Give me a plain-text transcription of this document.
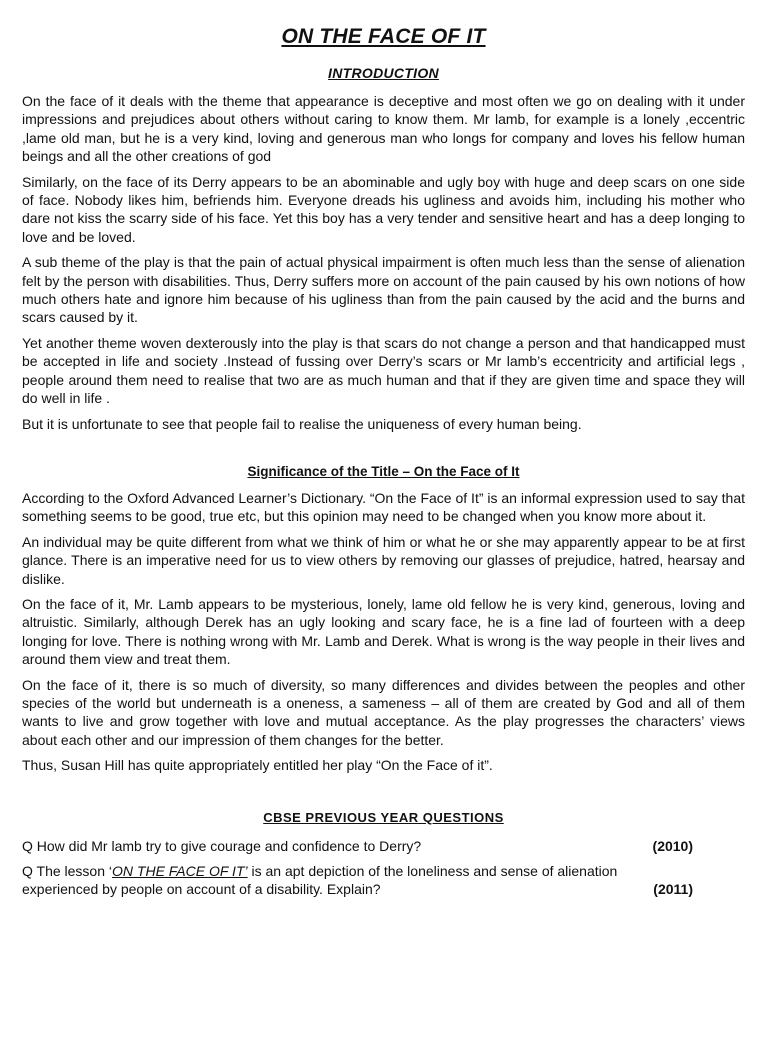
ON THE FACE OF IT
INTRODUCTION

On the face of it deals with the theme that appearance is deceptive and most often we go on dealing with it under impressions and prejudices about others without caring to know them. Mr lamb, for example is a lonely ,eccentric ,lame old man, but he is a very kind, loving and generous man who longs for company and loves his fellow human beings and all the other creations of god

Similarly, on the face of its Derry appears to be an abominable and ugly boy with huge and deep scars on one side of face. Nobody likes him, befriends him. Everyone dreads his ugliness and avoids him, including his mother who dare not kiss the scarry side of his face. Yet this boy has a very tender and sensitive heart and has a deep longing to love and be loved.

A sub theme of the play is that the pain of actual physical impairment is often much less than the sense of alienation felt by the person with disabilities. Thus, Derry suffers more on account of the pain caused by his own notions of how much others hate and ignore him because of his ugliness than from the pain caused by the acid and the burns and scars caused by it.

Yet another theme woven dexterously into the play is that scars do not change a person and that handicapped must be accepted in life and society .Instead of fussing over Derry’s scars or Mr lamb’s eccentricity and artificial legs , people around them need to realise that two are as much human and that if they are given time and space they will do well in life .

But it is unfortunate to see that people fail to realise the uniqueness of every human being.

Significance of the Title – On the Face of It

According to the Oxford Advanced Learner’s Dictionary. “On the Face of It” is an informal expression used to say that something seems to be good, true etc, but this opinion may need to be changed when you know more about it.

An individual may be quite different from what we think of him or what he or she may apparently appear to be at first glance. There is an imperative need for us to view others by removing our glasses of prejudice, hatred, hearsay and dislike.

On the face of it, Mr. Lamb appears to be mysterious, lonely, lame old fellow he is very kind, generous, loving and altruistic. Similarly, although Derek has an ugly looking and scary face, he is a fine lad of fourteen with a deep longing for love. There is nothing wrong with Mr. Lamb and Derek. What is wrong is the way people in their lives and around them view and treat them.

On the face of it, there is so much of diversity, so many differences and divides between the peoples and other species of the world but underneath is a oneness, a sameness – all of them are created by God and all of them wants to live and grow together with love and mutual acceptance. As the play progresses the characters’ views about each other and our impression of them changes for the better.

Thus, Susan Hill has quite appropriately entitled her play “On the Face of it”.

CBSE PREVIOUS YEAR QUESTIONS
Q How did Mr lamb try to give courage and confidence to Derry?	(2010)
Q The lesson ‘ON THE FACE OF IT’ is an apt depiction of the loneliness and sense of alienation experienced by people on account of a disability. Explain?	(2011)
